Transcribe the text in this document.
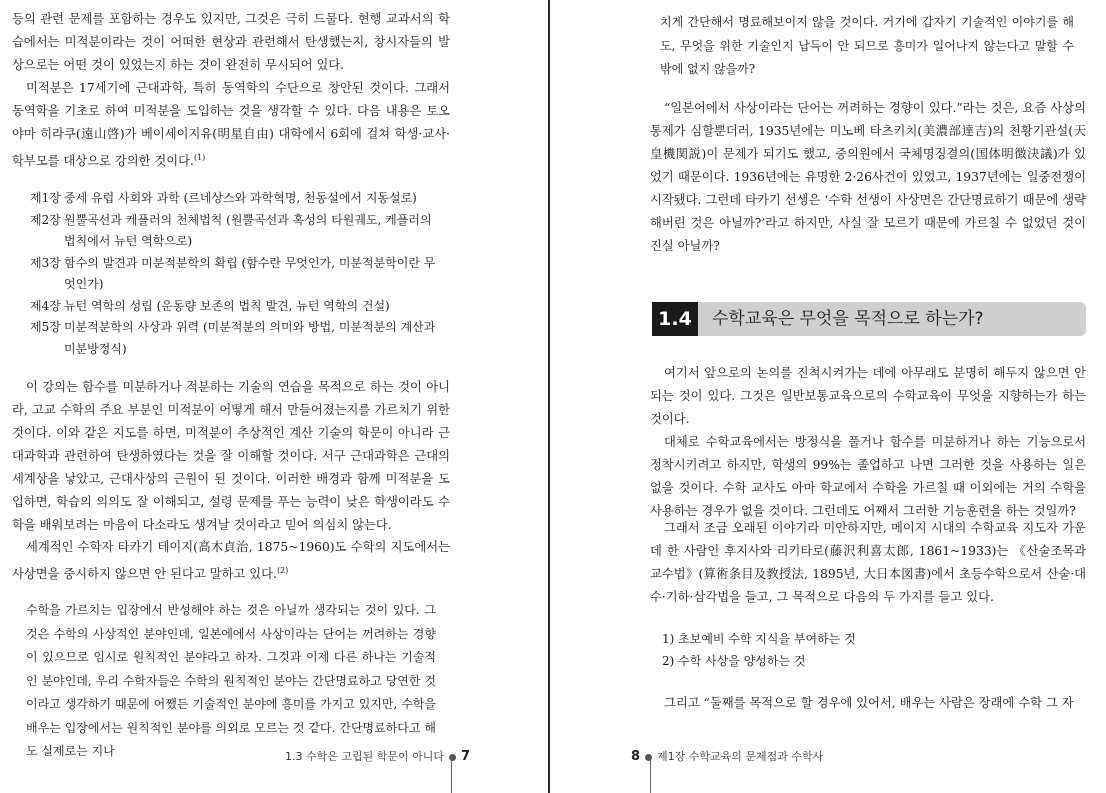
등의 관련 문제를 포함하는 경우도 있지만, 그것은 극히 드물다. 현행 교과서의 학습에서는 미적분이라는 것이 어떠한 현상과 관련해서 탄생했는지, 창시자들의 발상으로는 어떤 것이 있었는지 하는 것이 완전히 무시되어 있다.

미적분은 17세기에 근대과학, 특히 동역학의 수단으로 창안된 것이다. 그래서 동역학을 기초로 하여 미적분을 도입하는 것을 생각할 수 있다. 다음 내용은 토오야마 히라쿠(遠山啓)가 베이세이지유(明星自由) 대학에서 6회에 걸쳐 학생·교사·학부모를 대상으로 강의한 것이다.$^{(1)}$

제1장 중세 유럽 사회와 과학 (르네상스와 과학혁명, 천동설에서 지동설로)
제2장 원뿔곡선과 케플러의 천체법칙 (원뿔곡선과 혹성의 타원궤도, 케플러의 법칙에서 뉴턴 역학으로)
제3장 함수의 발견과 미분적분학의 확립 (함수란 무엇인가, 미분적분학이란 무엇인가)
제4장 뉴턴 역학의 성립 (운동량 보존의 법칙 발견, 뉴턴 역학의 건설)
제5장 미분적분학의 사상과 위력 (미분적분의 의미와 방법, 미분적분의 계산과 미분방정식)

이 강의는 함수를 미분하거나 적분하는 기술의 연습을 목적으로 하는 것이 아니라, 고교 수학의 주요 부분인 미적분이 어떻게 해서 만들어졌는지를 가르치기 위한 것이다. 이와 같은 지도를 하면, 미적분이 추상적인 계산 기술의 학문이 아니라 근대과학과 관련하여 탄생하였다는 것을 잘 이해할 것이다. 서구 근대과학은 근대의 세계상을 낳았고, 근대사상의 근원이 된 것이다. 이러한 배경과 함께 미적분을 도입하면, 학습의 의의도 잘 이해되고, 설령 문제를 푸는 능력이 낮은 학생이라도 수학을 배워보려는 마음이 다소라도 생겨날 것이라고 믿어 의심치 않는다.

세계적인 수학자 타카기 테이지(高木貞治, 1875~1960)도 수학의 지도에서는 사상면을 중시하지 않으면 안 된다고 말하고 있다.$^{(2)}$

수학을 가르치는 입장에서 반성해야 하는 것은 아닐까 생각되는 것이 있다. 그것은 수학의 사상적인 분야인데, 일본에에서 사상이라는 단어는 꺼려하는 경향이 있으므로 임시로 원칙적인 분야라고 하자. 그것과 이제 다른 하나는 기술적인 분야인데, 우리 수학자들은 수학의 원칙적인 분야는 간단명료하고 당연한 것이라고 생각하기 때문에 어쨌든 기술적인 분야에 흥미를 가지고 있지만, 수학을 배우는 입장에서는 원칙적인 분야를 의외로 모르는 것 같다. 간단명료하다고 해도 실제로는 지나	1.3 수학은 고립된 학문이 아니다 7

치게 간단해서 명료해보이지 않을 것이다. 거기에 갑자기 기술적인 이야기를 해도, 무엇을 위한 기술인지 납득이 안 되므로 흥미가 일어나지 않는다고 말할 수 밖에 없지 않을까?

“일본어에서 사상이라는 단어는 꺼려하는 경향이 있다.”라는 것은, 요즘 사상의 통제가 심할뿐더러, 1935년에는 미노베 타츠키치(美濃部達吉)의 천황기관설(天皇機関説)이 문제가 되기도 했고, 중의원에서 국체명징결의(国体明徴決議)가 있었기 때문이다. 1936년에는 유명한 2·26사건이 있었고, 1937년에는 일중전쟁이 시작됐다. 그런데 타카기 선생은 ‘수학 선생이 사상면은 간단명료하기 때문에 생략해버린 것은 아닐까?’라고 하지만, 사실 잘 모르기 때문에 가르칠 수 없었던 것이 진실 아닐까?

1.4	수학교육은 무엇을 목적으로 하는가?

여기서 앞으로의 논의를 진척시켜가는 데에 아무래도 분명히 해두지 않으면 안 되는 것이 있다. 그것은 일반보통교육으로의 수학교육이 무엇을 지향하는가 하는 것이다.

대체로 수학교육에서는 방정식을 풀거나 함수를 미분하거나 하는 기능으로서 정착시키려고 하지만, 학생의 99%는 졸업하고 나면 그러한 것을 사용하는 일은 없을 것이다. 수학 교사도 아마 학교에서 수학을 가르칠 때 이외에는 거의 수학을 사용하는 경우가 없을 것이다. 그런데도 어째서 그러한 기능훈련을 하는 것일까?

그래서 조금 오래된 이야기라 미안하지만, 메이지 시대의 수학교육 지도자 가운데 한 사람인 후지사와 리키타로(藤沢利喜太郎, 1861~1933)는 《산술조목과 교수법》(算術条目及教授法, 1895년, 大日本図書)에서 초등수학으로서 산술·대수·기하·삼각법을 들고, 그 목적으로 다음의 두 가지를 들고 있다.

1) 초보예비 수학 지식을 부여하는 것
2) 수학 사상을 양성하는 것

그리고 “둘째를 목적으로 할 경우에 있어서, 배우는 사람은 장래에 수학 그 자

8 제1장 수학교육의 문제점과 수학사
